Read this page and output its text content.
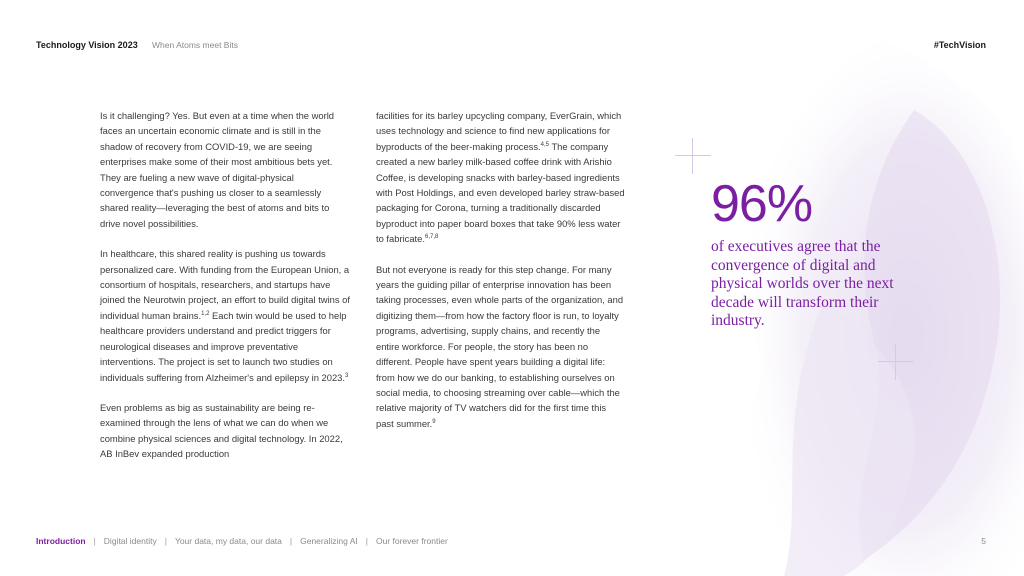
Technology Vision 2023 When Atoms meet Bits	#TechVision

Is it challenging? Yes. But even at a time when the world faces an uncertain economic climate and is still in the shadow of recovery from COVID-19, we are seeing enterprises make some of their most ambitious bets yet. They are fueling a new wave of digital-physical convergence that's pushing us closer to a seamlessly shared reality—leveraging the best of atoms and bits to drive novel possibilities.

In healthcare, this shared reality is pushing us towards personalized care. With funding from the European Union, a consortium of hospitals, researchers, and startups have joined the Neurotwin project, an effort to build digital twins of individual human brains.$^{1,2}$ Each twin would be used to help healthcare providers understand and predict triggers for neurological diseases and improve preventative interventions. The project is set to launch two studies on individuals suffering from Alzheimer's and epilepsy in 2023.$^3$

Even problems as big as sustainability are being re-examined through the lens of what we can do when we combine physical sciences and digital technology. In 2022, AB InBev expanded production

facilities for its barley upcycling company, EverGrain, which uses technology and science to find new applications for byproducts of the beer-making process.$^{4,5}$ The company created a new barley milk-based coffee drink with Arishio Coffee, is developing snacks with barley-based ingredients with Post Holdings, and even developed barley straw-based packaging for Corona, turning a traditionally discarded byproduct into paper board boxes that take 90% less water to fabricate.$^{6,7,8}$

But not everyone is ready for this step change. For many years the guiding pillar of enterprise innovation has been taking processes, even whole parts of the organization, and digitizing them—from how the factory floor is run, to loyalty programs, advertising, supply chains, and recently the entire workforce. For people, the story has been no different. People have spent years building a digital life: from how we do our banking, to establishing ourselves on social media, to choosing streaming over cable—which the relative majority of TV watchers did for the first time this past summer.$^9$

96%
of executives agree that the convergence of digital and physical worlds over the next decade will transform their industry.
Introduction | Digital identity | Your data, my data, our data | Generalizing AI | Our forever frontier	5
